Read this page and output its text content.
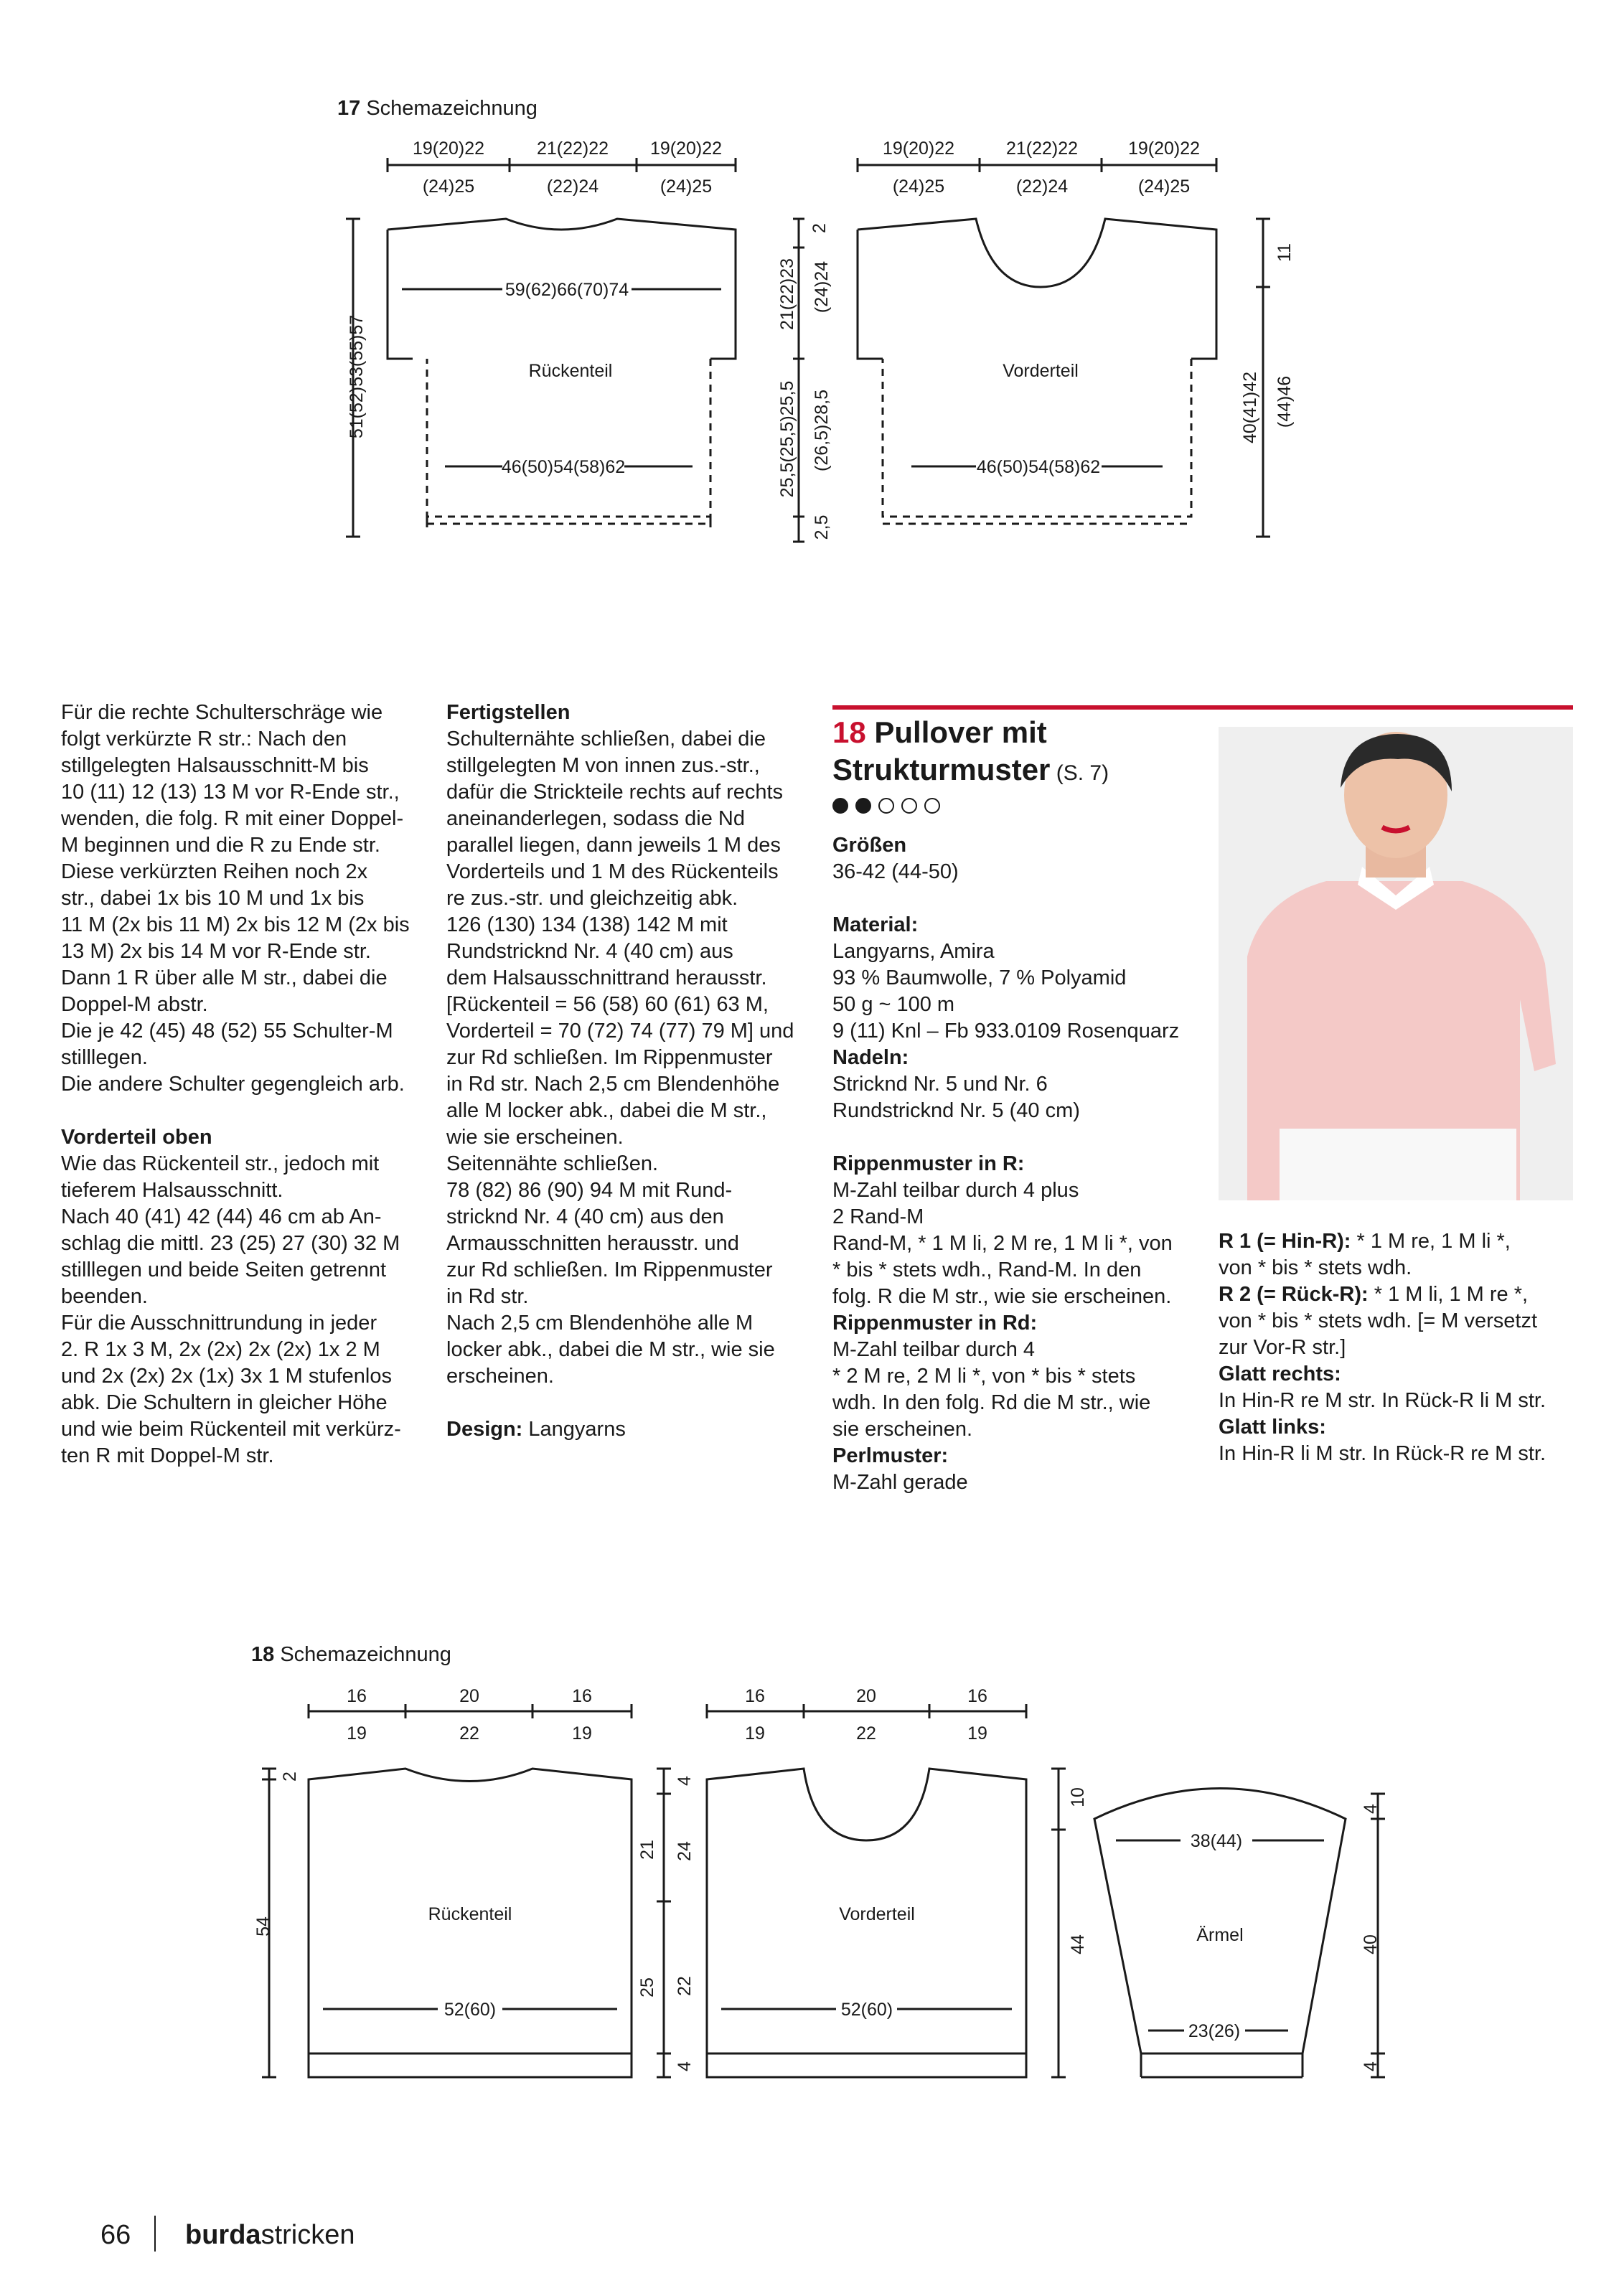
17 Schemazeichnung
19(20)22	21(22)22 19(20)22
(24)25	(22)24	(24)25
59(62)66(70)74
Rückenteil
46(50)54(58)62
51(52)53(55)57
2
21(22)23 (24)24
25,5(25,5)25,5 (26,5)28,5
2,5
19(20)22	21(22)22	19(20)22
(24)25	(22)24	(24)25
Vorderteil
46(50)54(58)62
11
40(41)42 (44)46

Für die rechte Schulterschräge wie
folgt verkürzte R str.: Nach den
stillgelegten Halsausschnitt-M bis
10 (11) 12 (13) 13 M vor R-Ende str.,
wenden, die folg. R mit einer Doppel-
M beginnen und die R zu Ende str.
Diese verkürzten Reihen noch 2x
str., dabei 1x bis 10 M und 1x bis
11 M (2x bis 11 M) 2x bis 12 M (2x bis
13 M) 2x bis 14 M vor R-Ende str.
Dann 1 R über alle M str., dabei die
Doppel-M abstr.
Die je 42 (45) 48 (52) 55 Schulter-M
stilllegen.
Die andere Schulter gegengleich arb.

Vorderteil oben

Wie das Rückenteil str., jedoch mit
tieferem Halsausschnitt.
Nach 40 (41) 42 (44) 46 cm ab An-
schlag die mittl. 23 (25) 27 (30) 32 M
stilllegen und beide Seiten getrennt
beenden.
Für die Ausschnittrundung in jeder
2. R 1x 3 M, 2x (2x) 2x (2x) 1x 2 M
und 2x (2x) 2x (1x) 3x 1 M stufenlos
abk. Die Schultern in gleicher Höhe
und wie beim Rückenteil mit verkürz-
ten R mit Doppel-M str.

Fertigstellen

Schulternähte schließen, dabei die
stillgelegten M von innen zus.-str.,
dafür die Strickteile rechts auf rechts
aneinanderlegen, sodass die Nd
parallel liegen, dann jeweils 1 M des
Vorderteils und 1 M des Rückenteils
re zus.-str. und gleichzeitig abk.
126 (130) 134 (138) 142 M mit
Rundstricknd Nr. 4 (40 cm) aus
dem Halsausschnittrand herausstr.
[Rückenteil = 56 (58) 60 (61) 63 M,
Vorderteil = 70 (72) 74 (77) 79 M] und
zur Rd schließen. Im Rippenmuster
in Rd str. Nach 2,5 cm Blendenhöhe
alle M locker abk., dabei die M str.,
wie sie erscheinen.
Seitennähte schließen.
78 (82) 86 (90) 94 M mit Rund-
stricknd Nr. 4 (40 cm) aus den
Armausschnitten herausstr. und
zur Rd schließen. Im Rippenmuster
in Rd str.
Nach 2,5 cm Blendenhöhe alle M
locker abk., dabei die M str., wie sie
erscheinen.

Design: Langyarns

18 Pullover mit
Strukturmuster (S. 7)

Größen

36-42 (44-50)

Material:

Langyarns, Amira
93 % Baumwolle, 7 % Polyamid
50 g ~ 100 m
9 (11) Knl – Fb 933.0109 Rosenquarz

Nadeln:

Stricknd Nr. 5 und Nr. 6
Rundstricknd Nr. 5 (40 cm)

Rippenmuster in R:

M-Zahl teilbar durch 4 plus
2 Rand-M
Rand-M, * 1 M li, 2 M re, 1 M li *, von
* bis * stets wdh., Rand-M. In den
folg. R die M str., wie sie erscheinen.

Rippenmuster in Rd:

M-Zahl teilbar durch 4
* 2 M re, 2 M li *, von * bis * stets
wdh. In den folg. Rd die M str., wie
sie erscheinen.

Perlmuster:

M-Zahl gerade

R 1 (= Hin-R): * 1 M re, 1 M li *,
von * bis * stets wdh.

R 2 (= Rück-R): * 1 M li, 1 M re *,
von * bis * stets wdh. [= M versetzt
zur Vor-R str.]

Glatt rechts:

In Hin-R re M str. In Rück-R li M str.

Glatt links:

In Hin-R li M str. In Rück-R re M str.

18 Schemazeichnung
16	20	16
19	22	19
Rückenteil
52(60)
54
2	4
21 24
25 22
4
16	20	16
19	22	19
Vorderteil
52(60)
10
44
38(44)
Ärmel
23(26)
4
40
4
66 burdastricken
